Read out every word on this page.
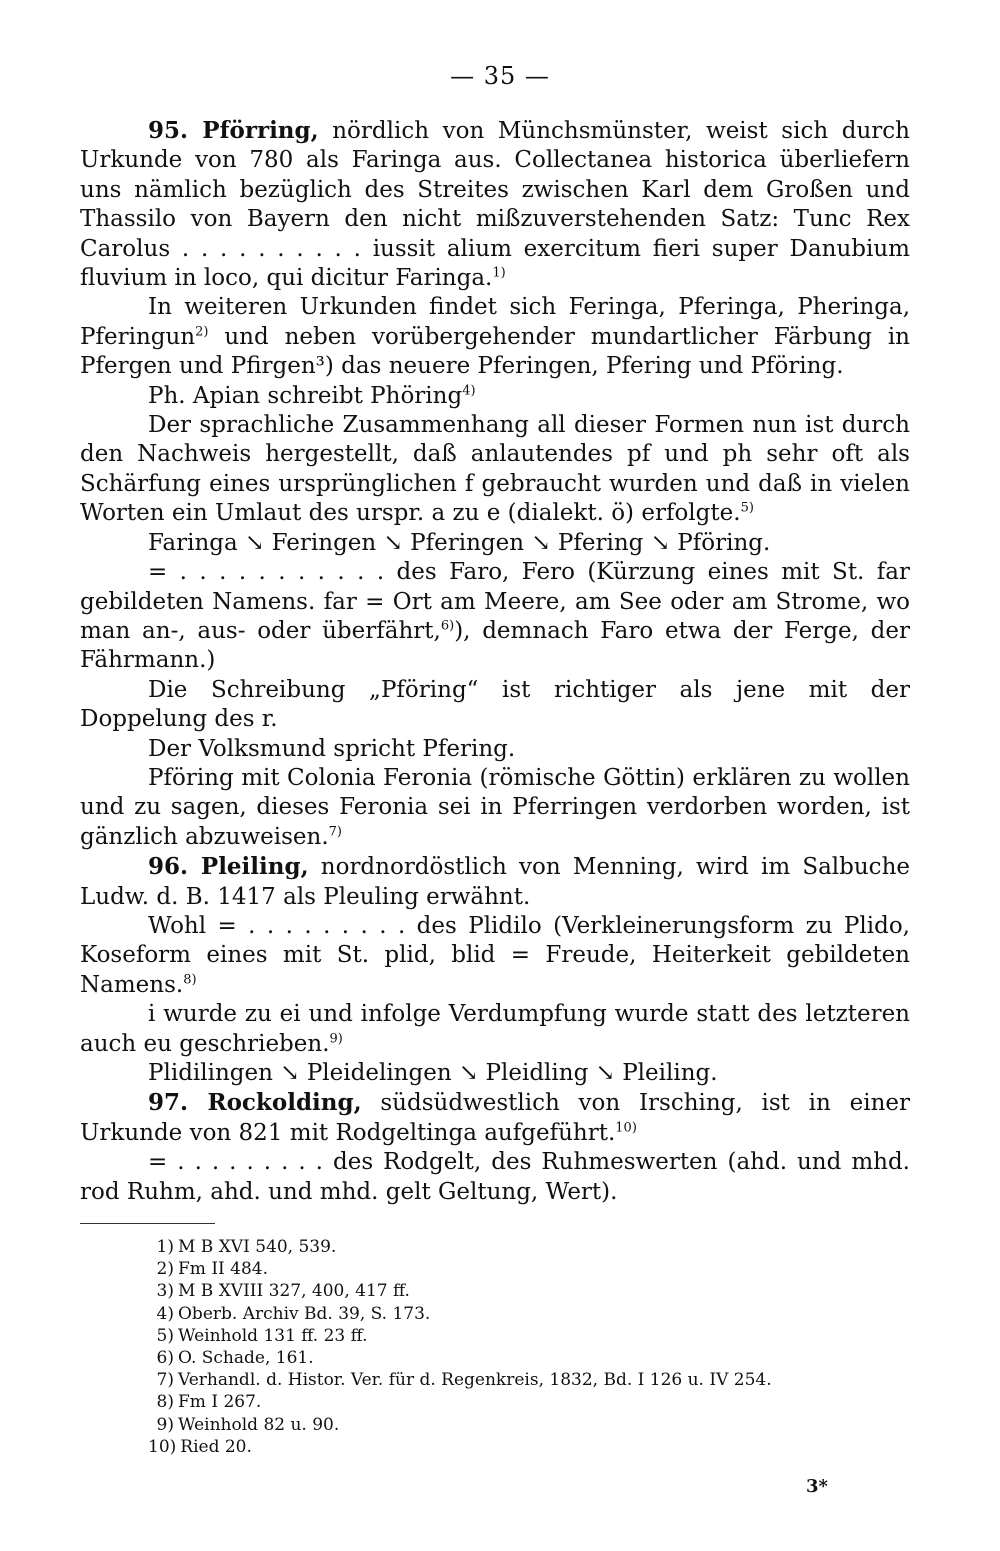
— 35 —

95. Pförring, nördlich von Münchsmünster, weist sich durch Urkunde von 780 als Faringa aus. Collectanea historica überliefern uns nämlich bezüglich des Streites zwischen Karl dem Großen und Thassilo von Bayern den nicht mißzuverstehenden Satz: Tunc Rex Carolus . . . . . . . . . . iussit alium exercitum fieri super Danubium fluvium in loco, qui dicitur Faringa.$^{1)}$

In weiteren Urkunden findet sich Feringa, Pferinga, Pheringa, Pferingun$^{2)}$ und neben vorübergehender mundartlicher Färbung in Pfergen und Pfirgen³) das neuere Pferingen, Pfering und Pföring.

Ph. Apian schreibt Phöring$^{4)}$

Der sprachliche Zusammenhang all dieser Formen nun ist durch den Nachweis hergestellt, daß anlautendes pf und ph sehr oft als Schärfung eines ursprünglichen f gebraucht wurden und daß in vielen Worten ein Umlaut des urspr. a zu e (dialekt. ö) erfolgte.$^{5)}$

Faringa ↘ Feringen ↘ Pferingen ↘ Pfering ↘ Pföring.

= . . . . . . . . . . . des Faro, Fero (Kürzung eines mit St. far gebildeten Namens. far = Ort am Meere, am See oder am Strome, wo man an-, aus- oder überfährt,$^{6)}$), demnach Faro etwa der Ferge, der Fährmann.)

Die Schreibung „Pföring“ ist richtiger als jene mit der Doppelung des r.

Der Volksmund spricht Pfering.

Pföring mit Colonia Feronia (römische Göttin) erklären zu wollen und zu sagen, dieses Feronia sei in Pferringen verdorben worden, ist gänzlich abzuweisen.$^{7)}$

96. Pleiling, nordnordöstlich von Menning, wird im Salbuche Ludw. d. B. 1417 als Pleuling erwähnt.

Wohl = . . . . . . . . . des Plidilo (Verkleinerungsform zu Plido, Koseform eines mit St. plid, blid = Freude, Heiterkeit gebildeten Namens.$^{8)}$

i wurde zu ei und infolge Verdumpfung wurde statt des letzteren auch eu geschrieben.$^{9)}$

Plidilingen ↘ Pleidelingen ↘ Pleidling ↘ Pleiling.

97. Rockolding, südsüdwestlich von Irsching, ist in einer Urkunde von 821 mit Rodgeltinga aufgeführt.$^{10)}$

= . . . . . . . . . des Rodgelt, des Ruhmeswerten (ahd. und mhd. rod Ruhm, ahd. und mhd. gelt Geltung, Wert).

1) M B XVI 540, 539.

2) Fm II 484.

3) M B XVIII 327, 400, 417 ff.

4) Oberb. Archiv Bd. 39, S. 173.

5) Weinhold 131 ff. 23 ff.

6) O. Schade, 161.

7) Verhandl. d. Histor. Ver. für d. Regenkreis, 1832, Bd. I 126 u. IV 254.

8) Fm I 267.

9) Weinhold 82 u. 90.

10) Ried 20.

3*
